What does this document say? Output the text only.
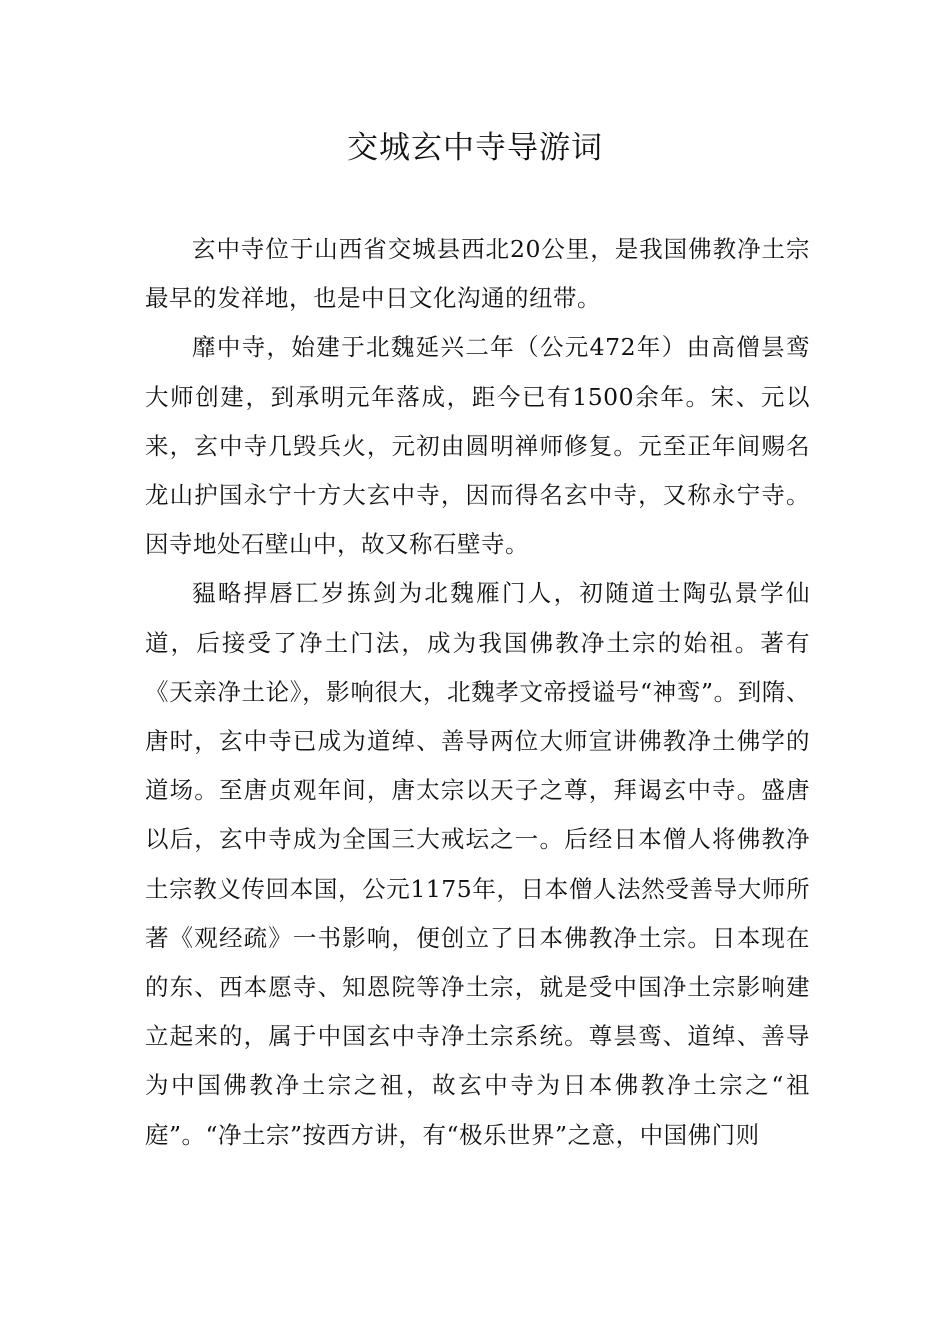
交城玄中寺导游词

玄中寺位于山西省交城县西北20公里，是我国佛教净土宗最早的发祥地，也是中日文化沟通的纽带。

靡中寺，始建于北魏延兴二年（公元472年）由高僧昙鸾大师创建，到承明元年落成，距今已有1500余年。宋、元以来，玄中寺几毁兵火，元初由圆明禅师修复。元至正年间赐名龙山护国永宁十方大玄中寺，因而得名玄中寺，又称永宁寺。因寺地处石壁山中，故又称石壁寺。

豱略捍唇匸岁拣剑为北魏雁门人，初随道士陶弘景学仙道，后接受了净土门法，成为我国佛教净土宗的始祖。著有《天亲净土论》，影响很大，北魏孝文帝授谥号“神鸾”。到隋、唐时，玄中寺已成为道绰、善导两位大师宣讲佛教净土佛学的道场。至唐贞观年间，唐太宗以天子之尊，拜谒玄中寺。盛唐以后，玄中寺成为全国三大戒坛之一。后经日本僧人将佛教净土宗教义传回本国，公元1175年，日本僧人法然受善导大师所著《观经疏》一书影响，便创立了日本佛教净土宗。日本现在的东、西本愿寺、知恩院等净土宗，就是受中国净土宗影响建立起来的，属于中国玄中寺净土宗系统。尊昙鸾、道绰、善导为中国佛教净土宗之祖，故玄中寺为日本佛教净土宗之“祖庭”。“净土宗”按西方讲，有“极乐世界”之意，中国佛门则
